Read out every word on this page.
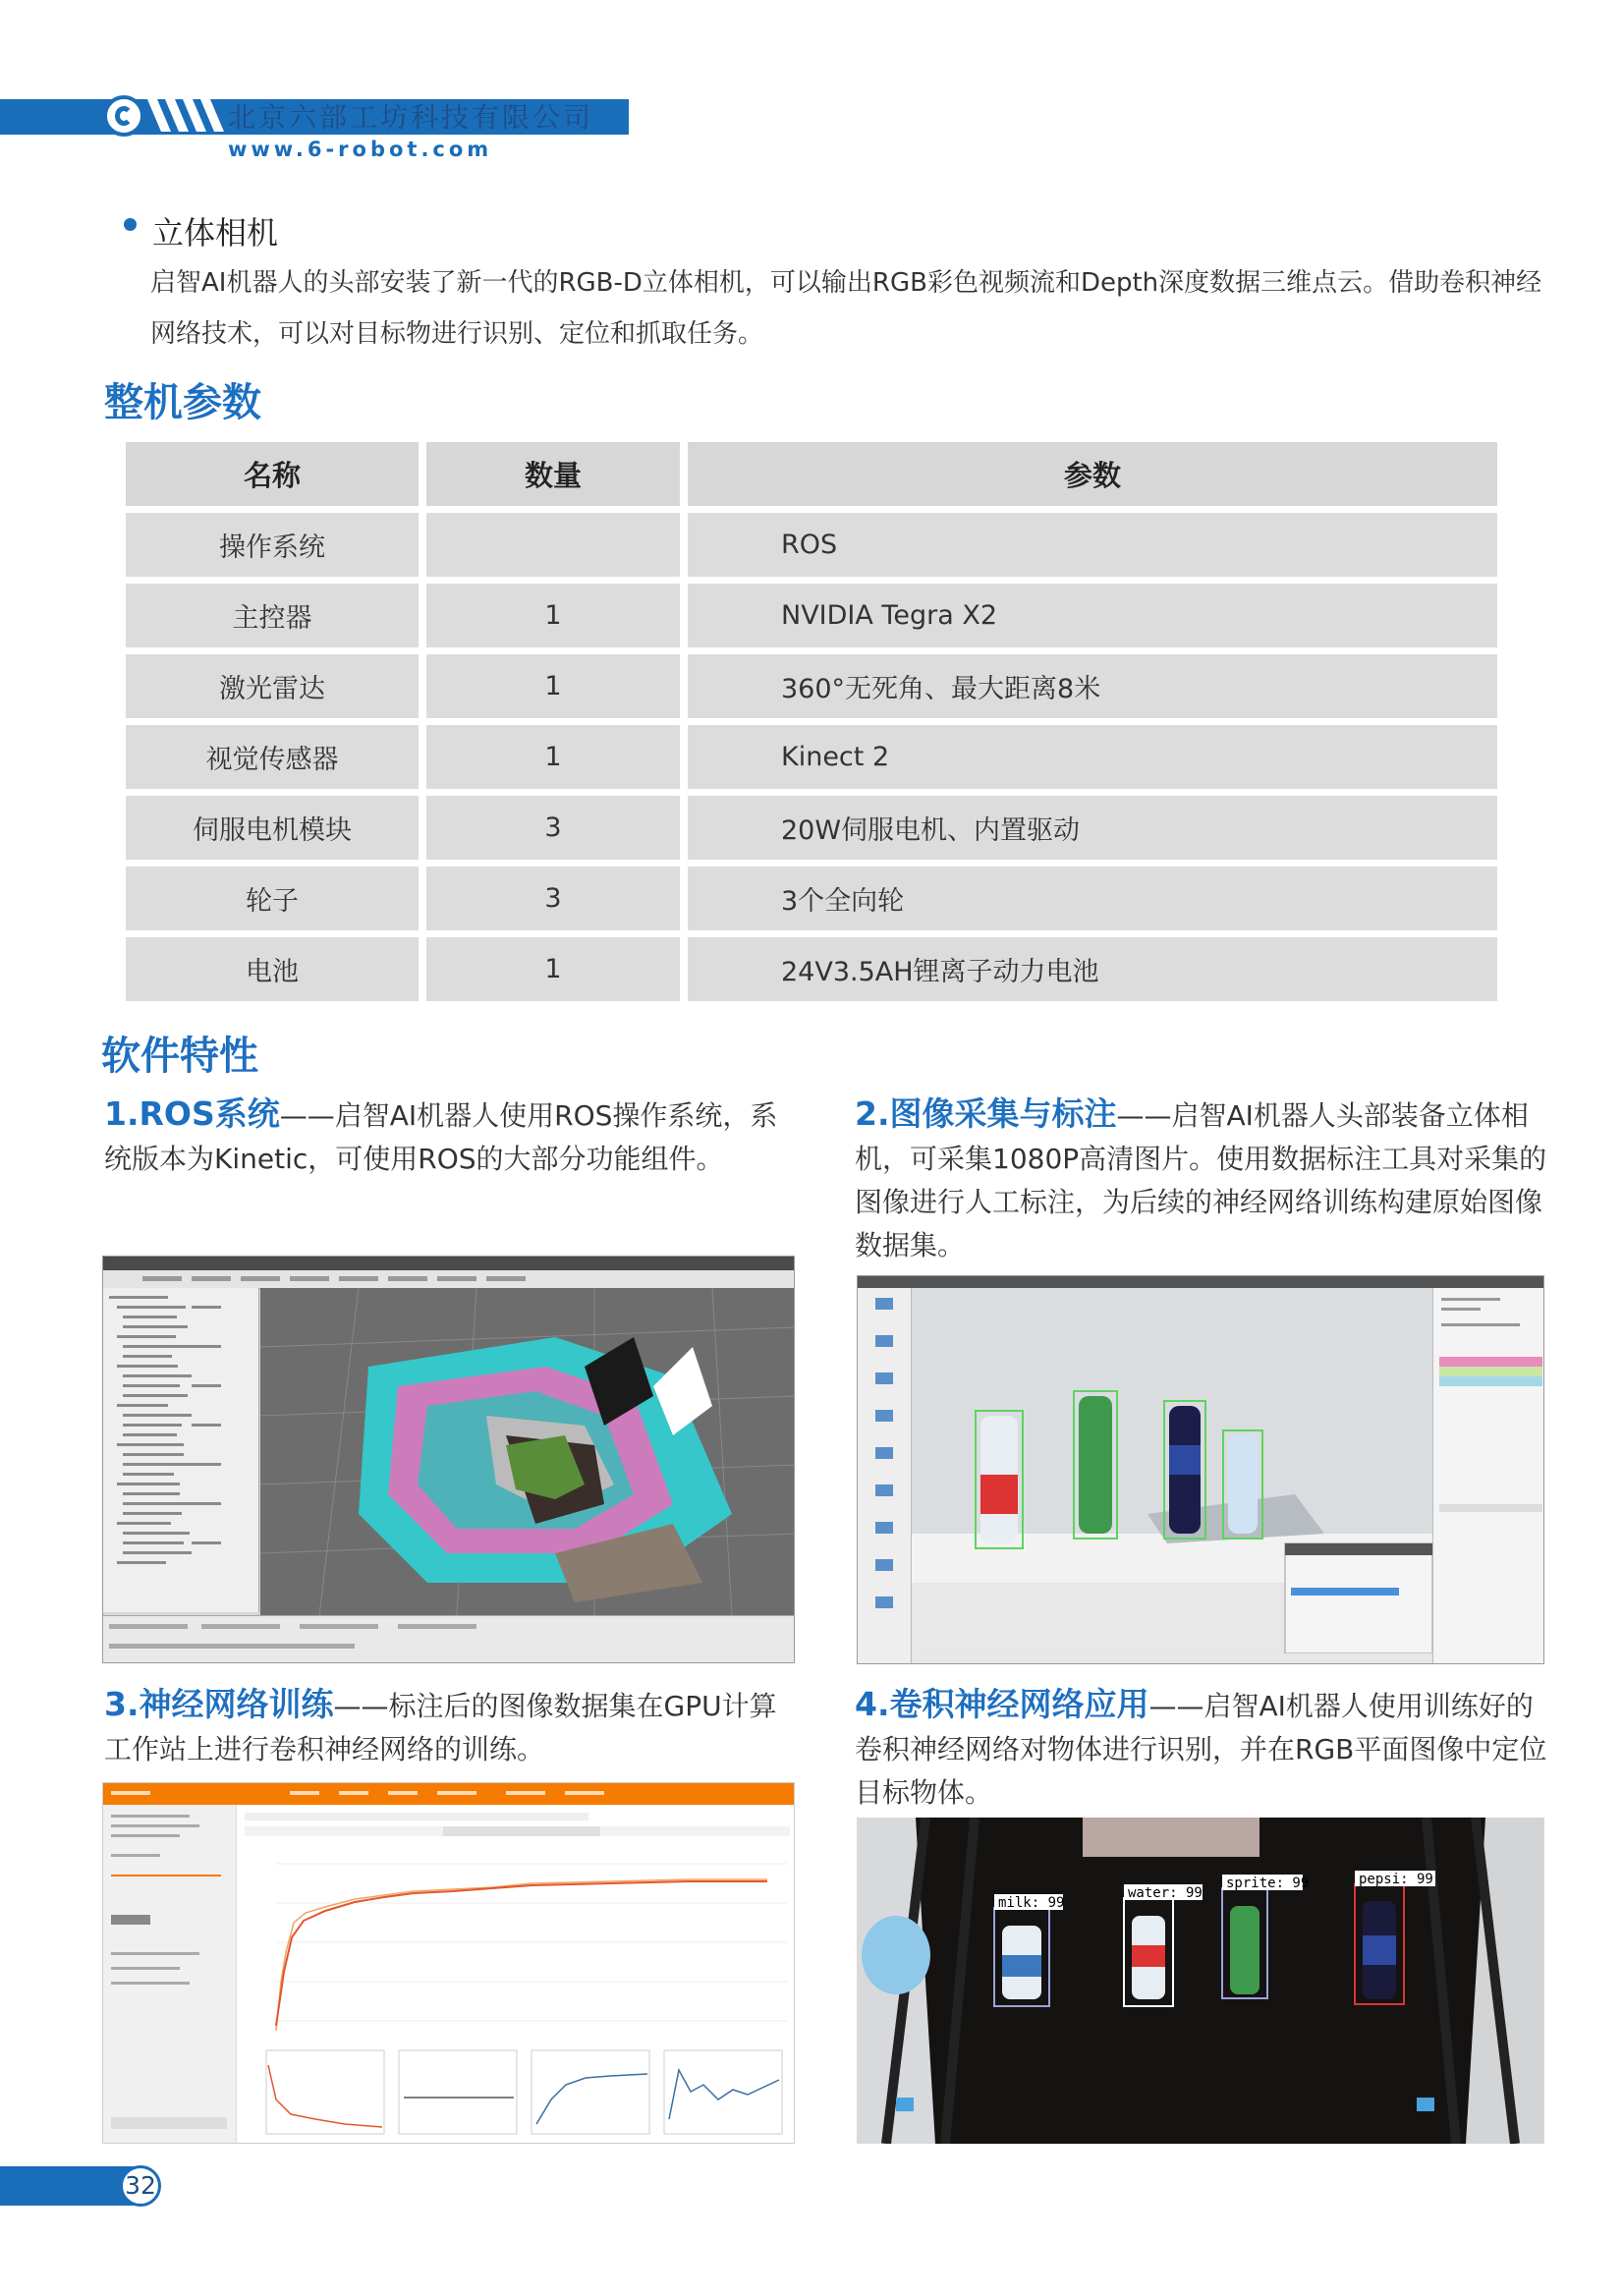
北京六部工坊科技有限公司
www.6-robot.com
立体相机
启智AI机器人的头部安装了新一代的RGB-D立体相机，可以输出RGB彩色视频流和Depth深度数据三维点云。借助卷积神经网络技术，可以对目标物进行识别、定位和抓取任务。
整机参数
名称	数量	参数
操作系统		ROS
主控器	1	NVIDIA Tegra X2
激光雷达	1	360°无死角、最大距离8米
视觉传感器	1	Kinect 2
伺服电机模块	3	20W伺服电机、内置驱动
轮子	3	3个全向轮
电池	1	24V3.5AH锂离子动力电池
软件特性
1.ROS系统——启智AI机器人使用ROS操作系统，系统版本为Kinetic，可使用ROS的大部分功能组件。
2.图像采集与标注——启智AI机器人头部装备立体相机，可采集1080P高清图片。使用数据标注工具对采集的图像进行人工标注，为后续的神经网络训练构建原始图像数据集。
3.神经网络训练——标注后的图像数据集在GPU计算工作站上进行卷积神经网络的训练。
4.卷积神经网络应用——启智AI机器人使用训练好的卷积神经网络对物体进行识别，并在RGB平面图像中定位目标物体。
milk: 99
water: 99
sprite: 99	pepsi: 99
32
